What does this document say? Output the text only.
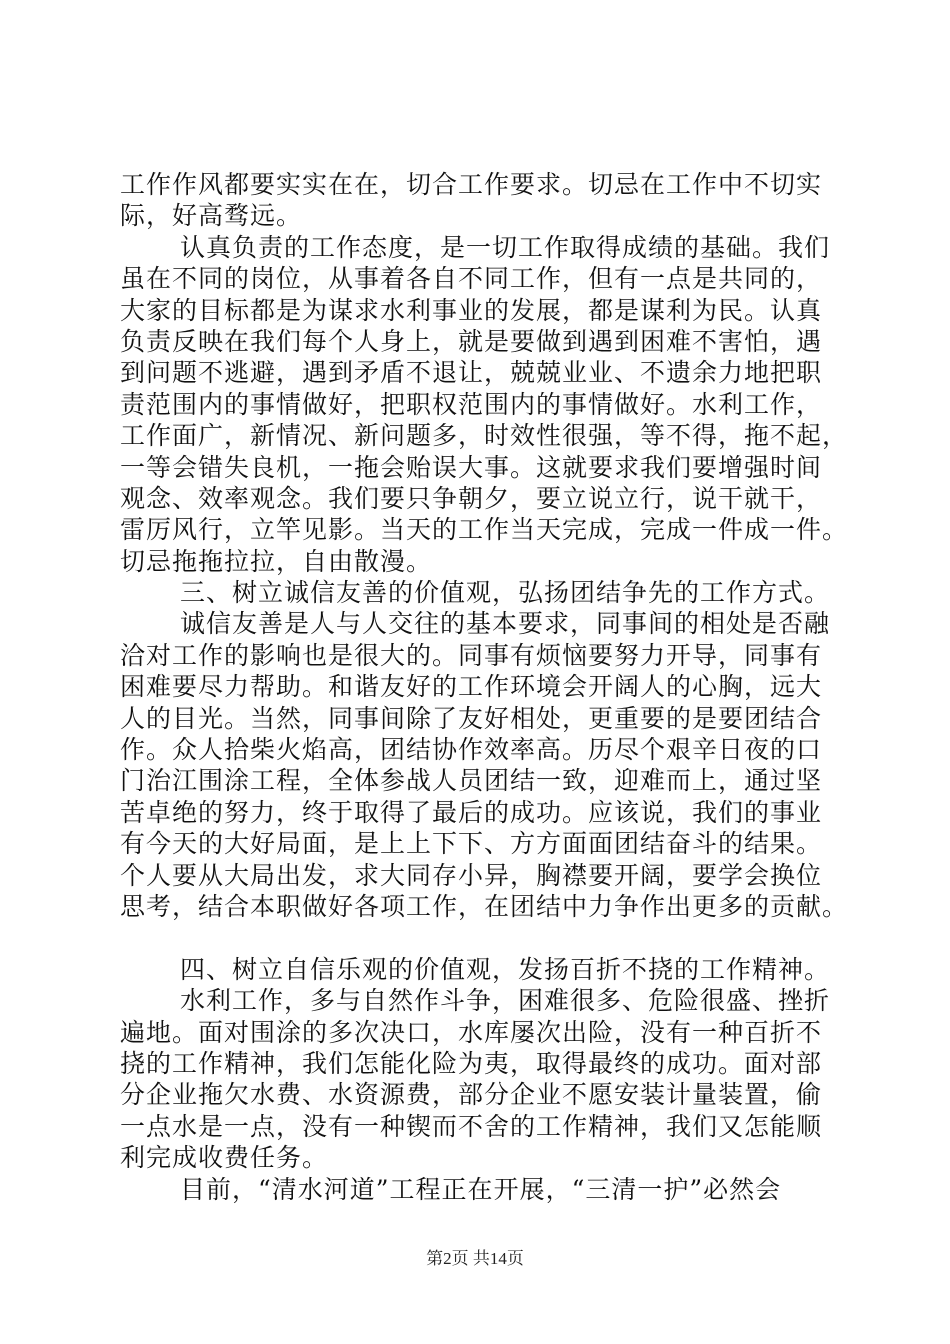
工作作风都要实实在在，切合工作要求。切忌在工作中不切实
际，好高骛远。
认真负责的工作态度，是一切工作取得成绩的基础。我们
虽在不同的岗位，从事着各自不同工作，但有一点是共同的，
大家的目标都是为谋求水利事业的发展，都是谋利为民。认真
负责反映在我们每个人身上，就是要做到遇到困难不害怕，遇
到问题不逃避，遇到矛盾不退让，兢兢业业、不遗余力地把职
责范围内的事情做好，把职权范围内的事情做好。水利工作，
工作面广，新情况、新问题多，时效性很强，等不得，拖不起，
一等会错失良机，一拖会贻误大事。这就要求我们要增强时间
观念、效率观念。我们要只争朝夕，要立说立行，说干就干，
雷厉风行，立竿见影。当天的工作当天完成，完成一件成一件。
切忌拖拖拉拉，自由散漫。
三、树立诚信友善的价值观，弘扬团结争先的工作方式。
诚信友善是人与人交往的基本要求，同事间的相处是否融
洽对工作的影响也是很大的。同事有烦恼要努力开导，同事有
困难要尽力帮助。和谐友好的工作环境会开阔人的心胸，远大
人的目光。当然，同事间除了友好相处，更重要的是要团结合
作。众人拾柴火焰高，团结协作效率高。历尽个艰辛日夜的口
门治江围涂工程，全体参战人员团结一致，迎难而上，通过坚
苦卓绝的努力，终于取得了最后的成功。应该说，我们的事业
有今天的大好局面，是上上下下、方方面面团结奋斗的结果。
个人要从大局出发，求大同存小异，胸襟要开阔，要学会换位
思考，结合本职做好各项工作，在团结中力争作出更多的贡献。
四、树立自信乐观的价值观，发扬百折不挠的工作精神。
水利工作，多与自然作斗争，困难很多、危险很盛、挫折
遍地。面对围涂的多次决口，水库屡次出险，没有一种百折不
挠的工作精神，我们怎能化险为夷，取得最终的成功。面对部
分企业拖欠水费、水资源费，部分企业不愿安装计量装置，偷
一点水是一点，没有一种锲而不舍的工作精神，我们又怎能顺
利完成收费任务。
目前，“清水河道”工程正在开展，“三清一护”必然会
第2页 共14页
